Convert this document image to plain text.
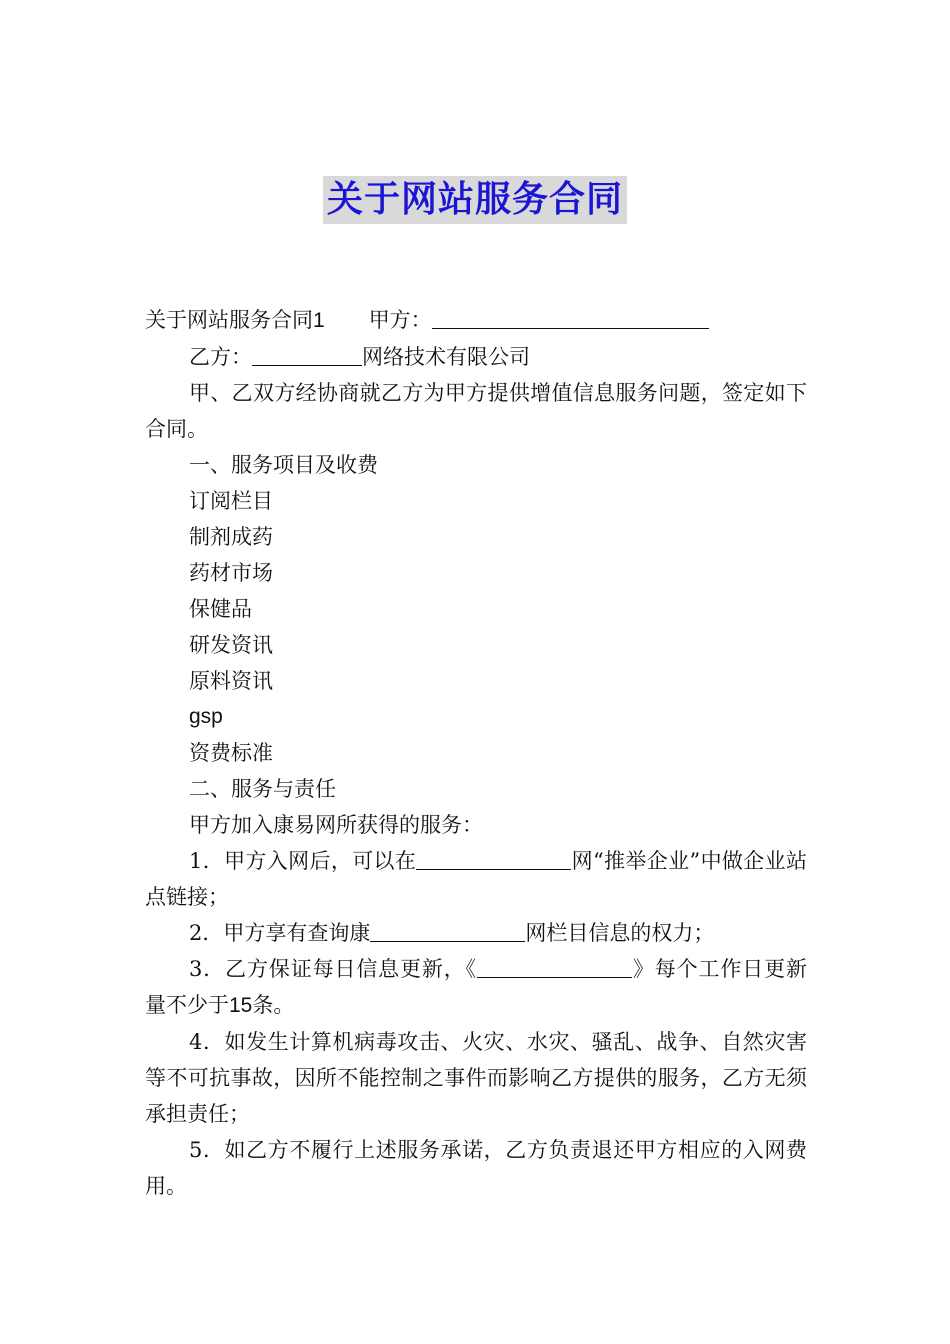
关于网站服务合同

关于网站服务合同1 甲方：

乙方：	网络技术有限公司

甲、乙双方经协商就乙方为甲方提供增值信息服务问题，签定如下合同。

一、服务项目及收费

订阅栏目

制剂成药

药材市场

保健品

研发资讯

原料资讯

gsp

资费标准

二、服务与责任

甲方加入康易网所获得的服务：

1．甲方入网后，可以在	网“推举企业”中做企业站点链接；

2．甲方享有查询康	网栏目信息的权力；

3．乙方保证每日信息更新，《	》每个工作日更新量不少于15条。

4．如发生计算机病毒攻击、火灾、水灾、骚乱、战争、自然灾害等不可抗事故，因所不能控制之事件而影响乙方提供的服务，乙方无须承担责任；

5．如乙方不履行上述服务承诺，乙方负责退还甲方相应的入网费用。
